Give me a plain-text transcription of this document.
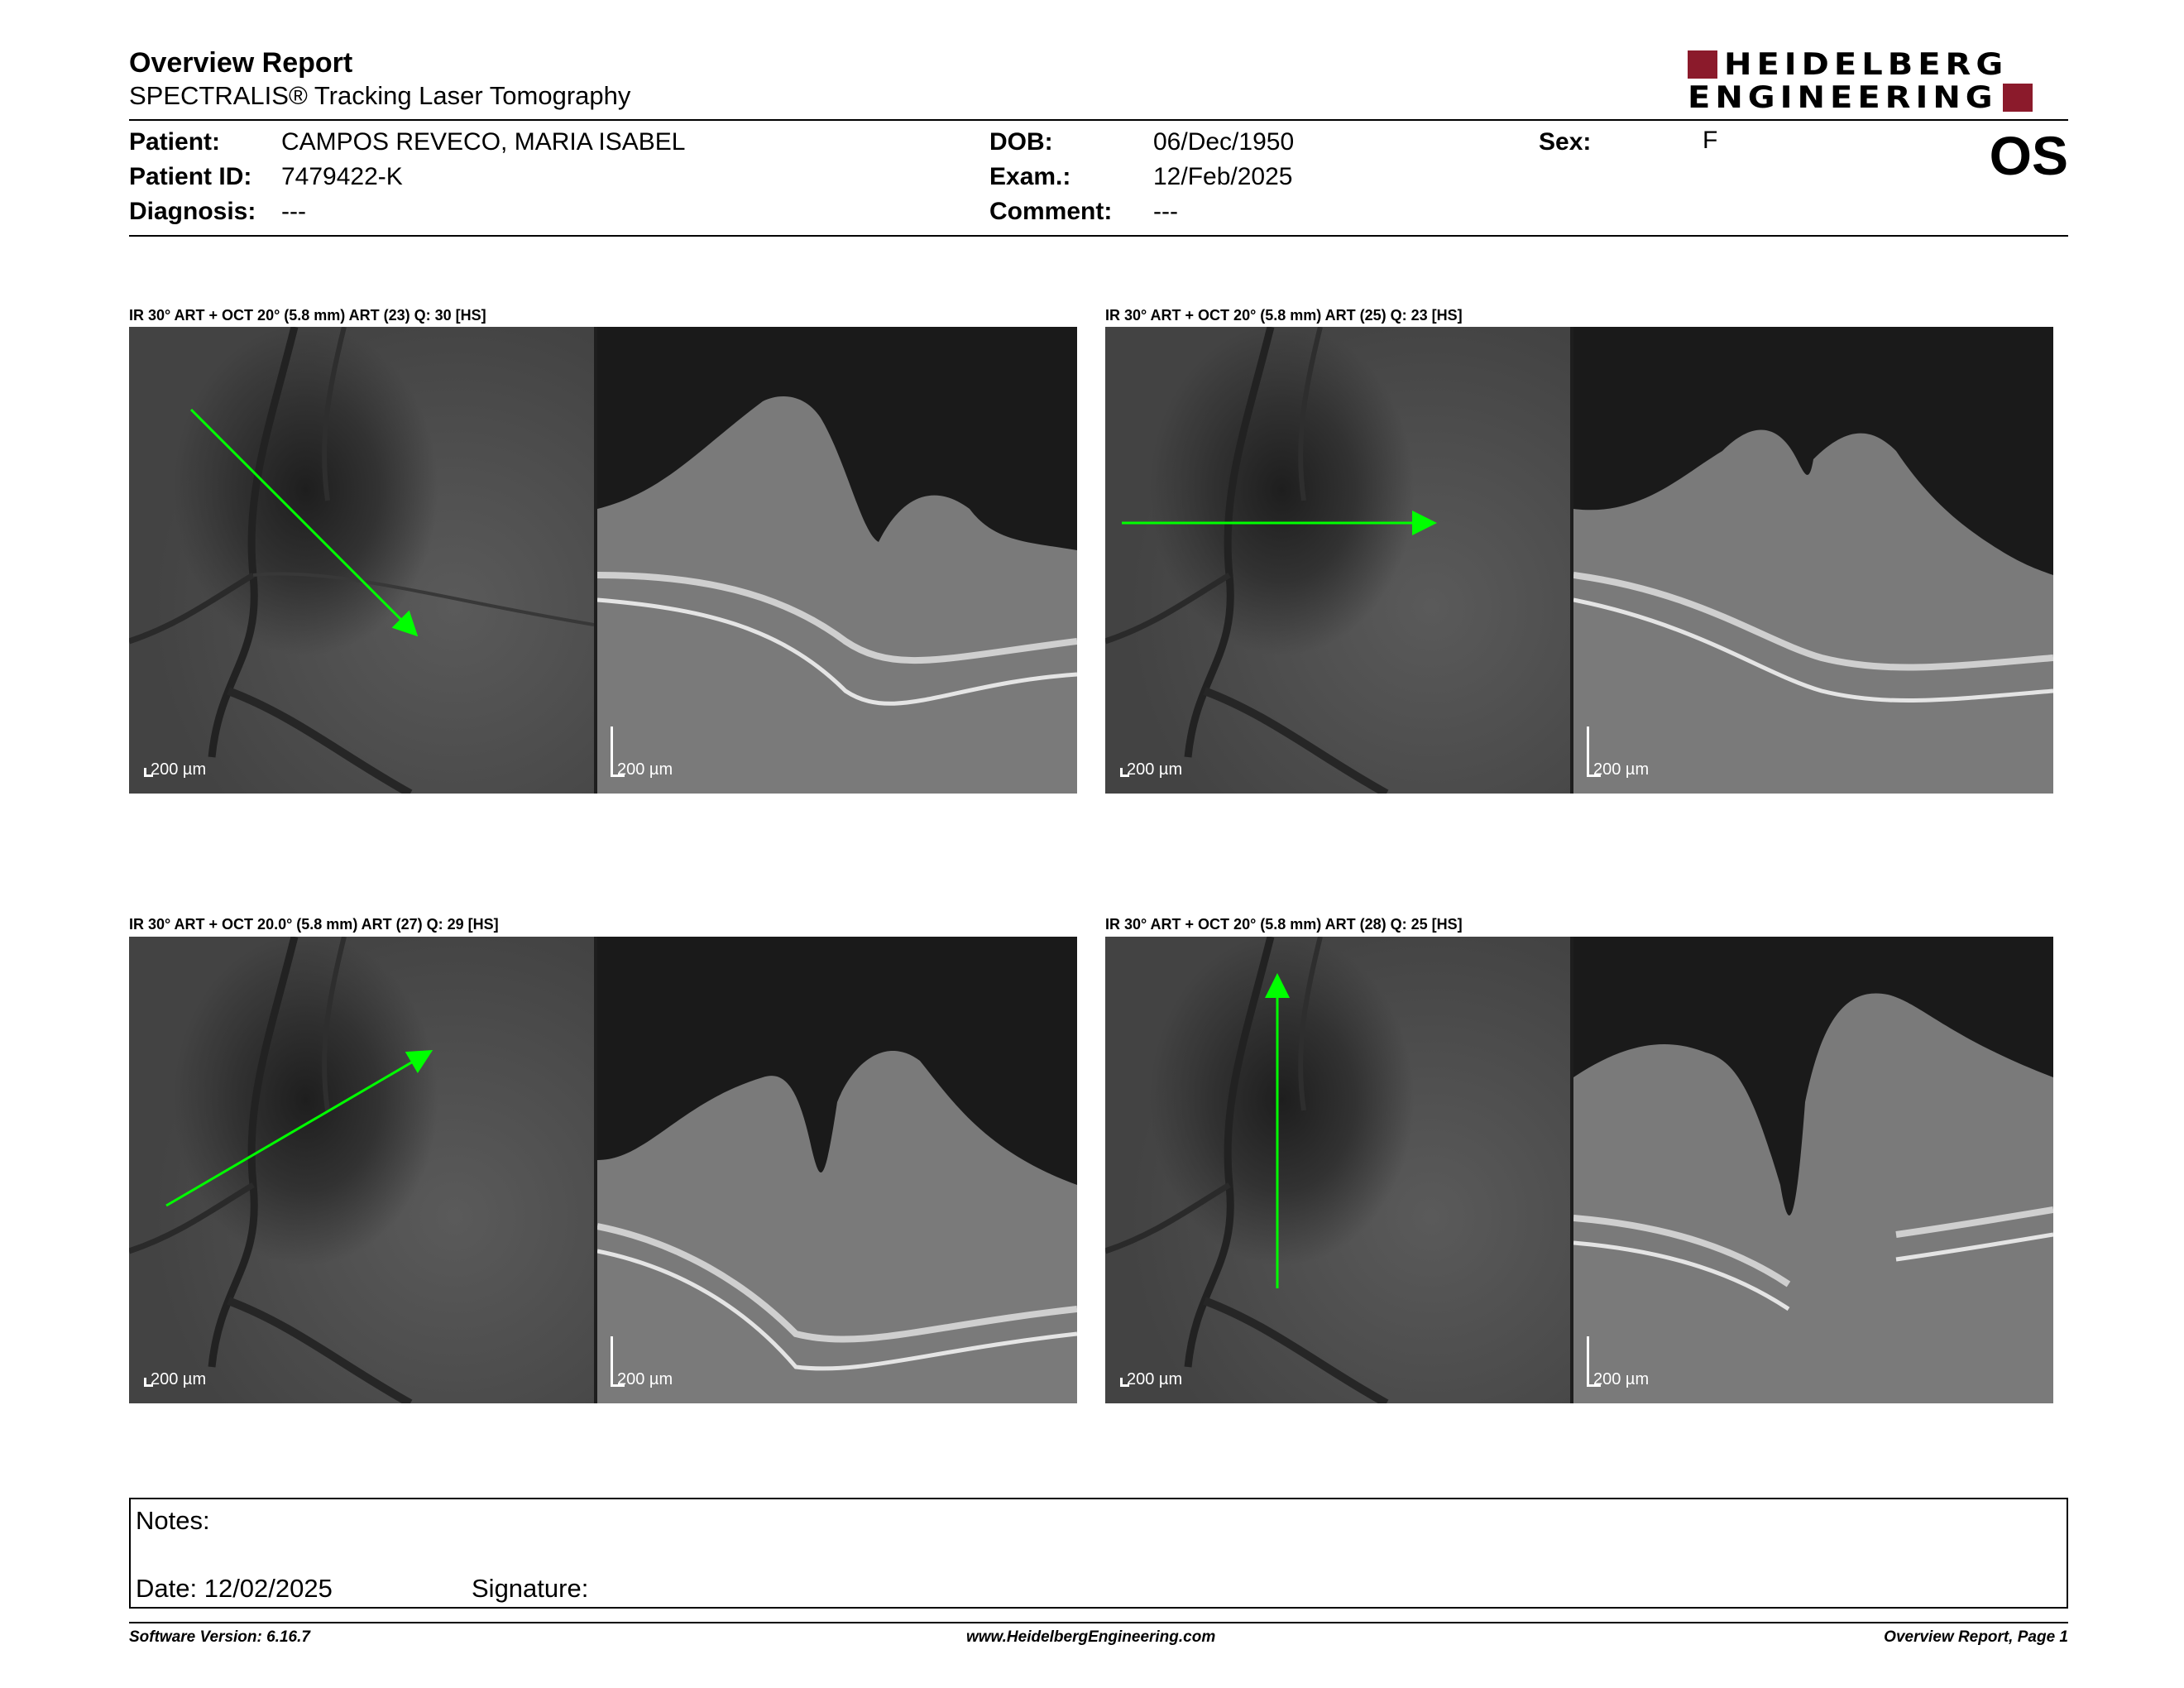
Overview Report
SPECTRALIS® Tracking Laser Tomography
HEIDELBERG
ENGINEERING
Patient: CAMPOS REVECO, MARIA ISABEL
Patient ID: 7479422-K
Diagnosis: ---
DOB:	06/Dec/1950
Exam.:	12/Feb/2025
Comment: ---
Sex:	F	OS
IR 30° ART + OCT 20° (5.8 mm) ART (23) Q: 30 [HS]
200 µm	200 µm
IR 30° ART + OCT 20° (5.8 mm) ART (25) Q: 23 [HS]
200 µm	200 µm
IR 30° ART + OCT 20.0° (5.8 mm) ART (27) Q: 29 [HS]
200 µm	200 µm
IR 30° ART + OCT 20° (5.8 mm) ART (28) Q: 25 [HS]
200 µm	200 µm
Notes:
Date: 12/02/2025	Signature:
Software Version: 6.16.7	www.HeidelbergEngineering.com	Overview Report, Page 1
